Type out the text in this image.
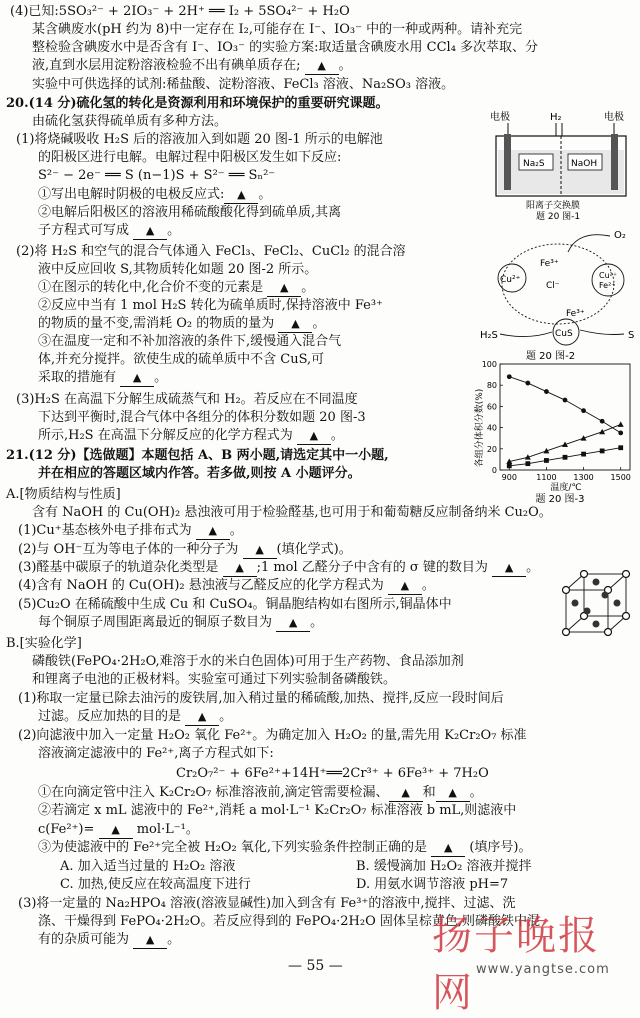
(4)已知:5SO₃²⁻ + 2IO₃⁻ + 2H⁺ ══ I₂ + 5SO₄²⁻ + H₂O
某含碘废水(pH 约为 8)中一定存在 I₂,可能存在 I⁻、IO₃⁻ 中的一种或两种。请补充完
整检验含碘废水中是否含有 I⁻、IO₃⁻ 的实验方案:取适量含碘废水用 CCl₄ 多次萃取、分
液,直到水层用淀粉溶液检验不出有碘单质存在; ▲ 。
实验中可供选择的试剂:稀盐酸、淀粉溶液、FeCl₃ 溶液、Na₂SO₃ 溶液。
20.(14 分)硫化氢的转化是资源利用和环境保护的重要研究课题。
由硫化氢获得硫单质有多种方法。
(1)将烧碱吸收 H₂S 后的溶液加入到如题 20 图-1 所示的电解池
的阳极区进行电解。电解过程中阳极区发生如下反应:
S²⁻ − 2e⁻ ══ S (n−1)S + S²⁻ ══ Sₙ²⁻
①写出电解时阴极的电极反应式: ▲ 。
②电解后阳极区的溶液用稀硫酸酸化得到硫单质,其离
子方程式可写成 ▲ 。
(2)将 H₂S 和空气的混合气体通入 FeCl₃、FeCl₂、CuCl₂ 的混合溶
液中反应回收 S,其物质转化如题 20 图-2 所示。
①在图示的转化中,化合价不变的元素是 ▲ 。
②反应中当有 1 mol H₂S 转化为硫单质时,保持溶液中 Fe³⁺
的物质的量不变,需消耗 O₂ 的物质的量为 ▲ 。
③在温度一定和不补加溶液的条件下,缓慢通入混合气
体,并充分搅拌。欲使生成的硫单质中不含 CuS,可
采取的措施有 ▲ 。
(3)H₂S 在高温下分解生成硫蒸气和 H₂。若反应在不同温度
下达到平衡时,混合气体中各组分的体积分数如题 20 图-3
所示,H₂S 在高温下分解反应的化学方程式为 ▲ 。
电极	电极
H₂
Na₂S	NaOH
阳离子交换膜
题 20 图-1
O₂
Cu²⁺	Cu²⁺
Fe²⁺
CuS
Fe³⁺
Cl⁻
Fe³⁺
H₂S	S
题 20 图-2
各组分体积分数(%)
温度/℃
题 20 图-3
0
20
40
60
80
100
900 1100 1300 1500
21.(12 分)【选做题】本题包括 A、B 两小题,请选定其中一小题,
并在相应的答题区域内作答。若多做,则按 A 小题评分。
A.[物质结构与性质]
含有 NaOH 的 Cu(OH)₂ 悬浊液可用于检验醛基,也可用于和葡萄糖反应制备纳米 Cu₂O。
(1)Cu⁺基态核外电子排布式为 ▲ 。
(2)与 OH⁻互为等电子体的一种分子为 ▲ (填化学式)。
(3)醛基中碳原子的轨道杂化类型是 ▲ ;1 mol 乙醛分子中含有的 σ 键的数目为 ▲ 。
(4)含有 NaOH 的 Cu(OH)₂ 悬浊液与乙醛反应的化学方程式为 ▲ 。
(5)Cu₂O 在稀硫酸中生成 Cu 和 CuSO₄。铜晶胞结构如右图所示,铜晶体中
每个铜原子周围距离最近的铜原子数目为 ▲ 。
B.[实验化学]
磷酸铁(FePO₄·2H₂O,难溶于水的米白色固体)可用于生产药物、食品添加剂
和锂离子电池的正极材料。实验室可通过下列实验制备磷酸铁。
(1)称取一定量已除去油污的废铁屑,加入稍过量的稀硫酸,加热、搅拌,反应一段时间后
过滤。反应加热的目的是 ▲ 。
(2)向滤液中加入一定量 H₂O₂ 氧化 Fe²⁺。为确定加入 H₂O₂ 的量,需先用 K₂Cr₂O₇ 标准
溶液滴定滤液中的 Fe²⁺,离子方程式如下:
Cr₂O₇²⁻ + 6Fe²⁺+14H⁺══2Cr³⁺ + 6Fe³⁺ + 7H₂O
①在向滴定管中注入 K₂Cr₂O₇ 标准溶液前,滴定管需要检漏、 ▲ 和 ▲ 。
②若滴定 x mL 滤液中的 Fe²⁺,消耗 a mol·L⁻¹ K₂Cr₂O₇ 标准溶液 b mL,则滤液中
c(Fe²⁺)= ▲ mol·L⁻¹。
③为使滤液中的 Fe²⁺完全被 H₂O₂ 氧化,下列实验条件控制正确的是 ▲ (填序号)。
A. 加入适当过量的 H₂O₂ 溶液	B. 缓慢滴加 H₂O₂ 溶液并搅拌
C. 加热,使反应在较高温度下进行	D. 用氨水调节溶液 pH=7
(3)将一定量的 Na₂HPO₄ 溶液(溶液显碱性)加入到含有 Fe³⁺的溶液中,搅拌、过滤、洗
涤、干燥得到 FePO₄·2H₂O。若反应得到的 FePO₄·2H₂O 固体呈棕黄色,则磷酸铁中混
有的杂质可能为 ▲ 。
— 55 —
扬子晚报网
www.yangtse.com
